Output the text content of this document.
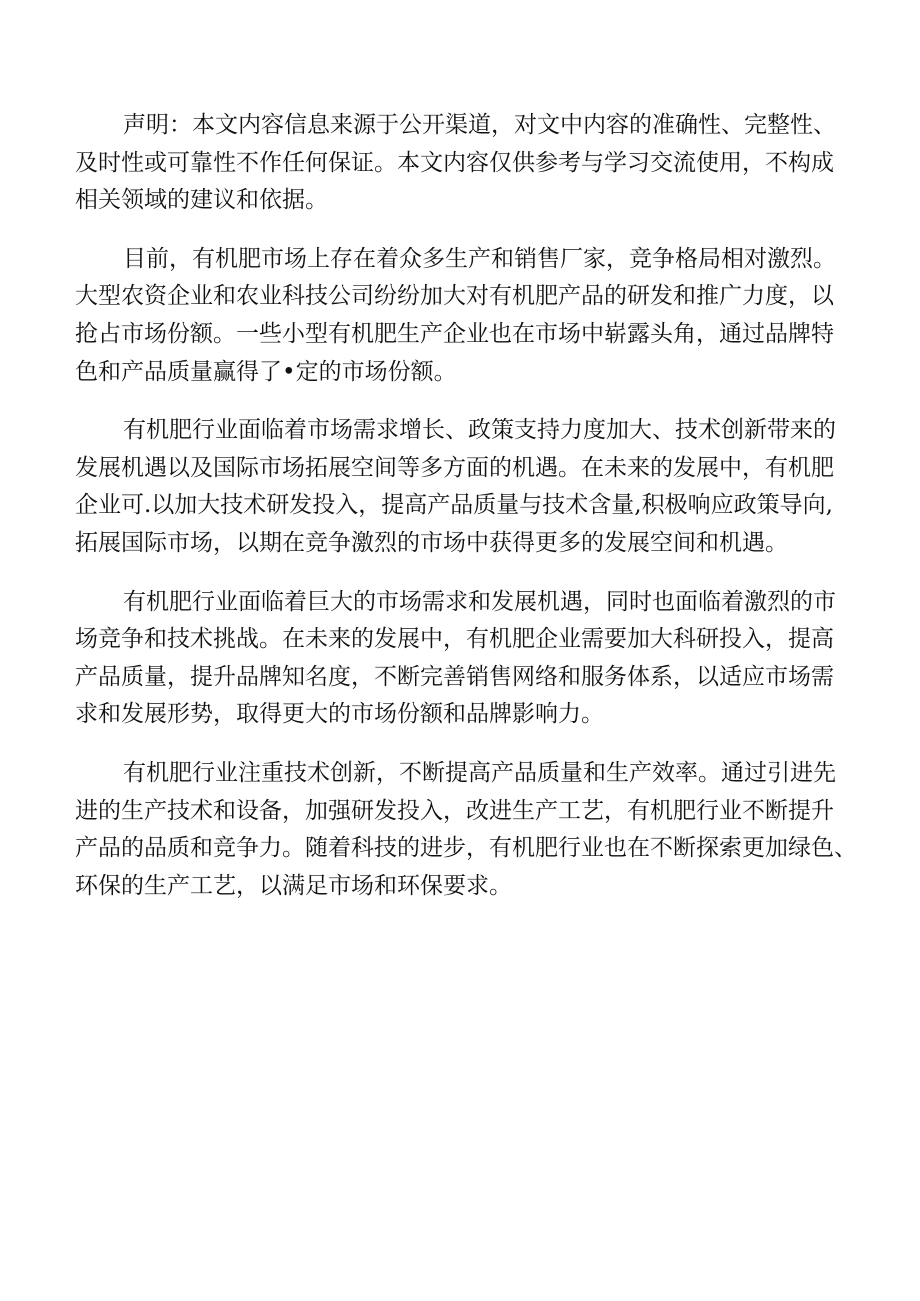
声明：本文内容信息来源于公开渠道，对文中内容的准确性、完整性、
及时性或可靠性不作任何保证。本文内容仅供参考与学习交流使用，不构成
相关领域的建议和依据。
目前，有机肥市场上存在着众多生产和销售厂家，竞争格局相对激烈。
大型农资企业和农业科技公司纷纷加大对有机肥产品的研发和推广力度，以
抢占市场份额。一些小型有机肥生产企业也在市场中崭露头角，通过品牌特
色和产品质量赢得了•定的市场份额。
有机肥行业面临着市场需求增长、政策支持力度加大、技术创新带来的
发展机遇以及国际市场拓展空间等多方面的机遇。在未来的发展中，有机肥
企业可.以加大技术研发投入，提高产品质量与技术含量,积极响应政策导向,
拓展国际市场，以期在竞争激烈的市场中获得更多的发展空间和机遇。
有机肥行业面临着巨大的市场需求和发展机遇，同时也面临着激烈的市
场竞争和技术挑战。在未来的发展中，有机肥企业需要加大科研投入，提高
产品质量，提升品牌知名度，不断完善销售网络和服务体系，以适应市场需
求和发展形势，取得更大的市场份额和品牌影响力。
有机肥行业注重技术创新，不断提高产品质量和生产效率。通过引进先
进的生产技术和设备，加强研发投入，改进生产工艺，有机肥行业不断提升
产品的品质和竞争力。随着科技的进步，有机肥行业也在不断探索更加绿色、
环保的生产工艺，以满足市场和环保要求。
